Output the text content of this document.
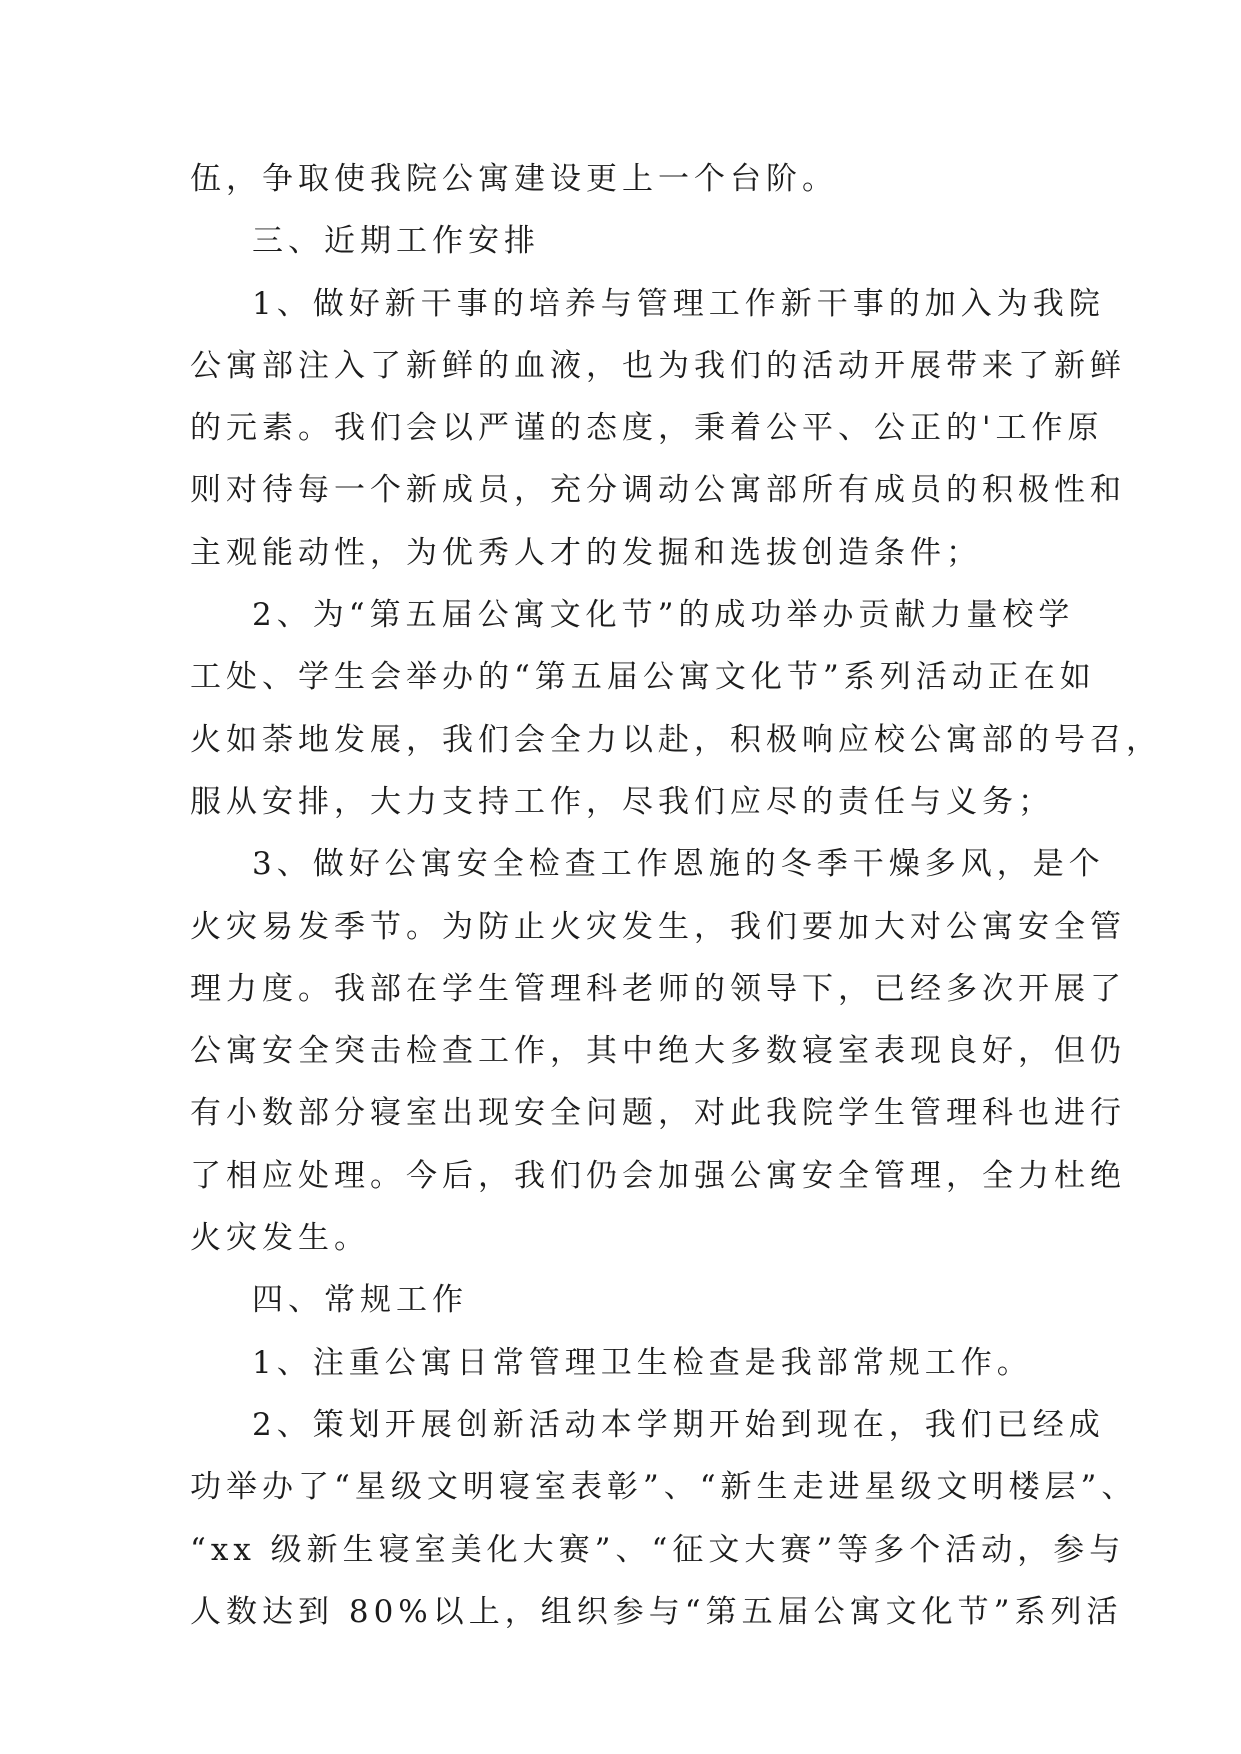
伍，争取使我院公寓建设更上一个台阶。
三、近期工作安排
1、做好新干事的培养与管理工作新干事的加入为我院
公寓部注入了新鲜的血液，也为我们的活动开展带来了新鲜
的元素。我们会以严谨的态度，秉着公平、公正的'工作原
则对待每一个新成员，充分调动公寓部所有成员的积极性和
主观能动性，为优秀人才的发掘和选拔创造条件；
2、为“第五届公寓文化节”的成功举办贡献力量校学
工处、学生会举办的“第五届公寓文化节”系列活动正在如
火如荼地发展，我们会全力以赴，积极响应校公寓部的号召，
服从安排，大力支持工作，尽我们应尽的责任与义务；
3、做好公寓安全检查工作恩施的冬季干燥多风，是个
火灾易发季节。为防止火灾发生，我们要加大对公寓安全管
理力度。我部在学生管理科老师的领导下，已经多次开展了
公寓安全突击检查工作，其中绝大多数寝室表现良好，但仍
有小数部分寝室出现安全问题，对此我院学生管理科也进行
了相应处理。今后，我们仍会加强公寓安全管理，全力杜绝
火灾发生。
四、常规工作
1、注重公寓日常管理卫生检查是我部常规工作。
2、策划开展创新活动本学期开始到现在，我们已经成
功举办了“星级文明寝室表彰”、“新生走进星级文明楼层”、
“xx 级新生寝室美化大赛”、“征文大赛”等多个活动，参与
人数达到 80%以上，组织参与“第五届公寓文化节”系列活
